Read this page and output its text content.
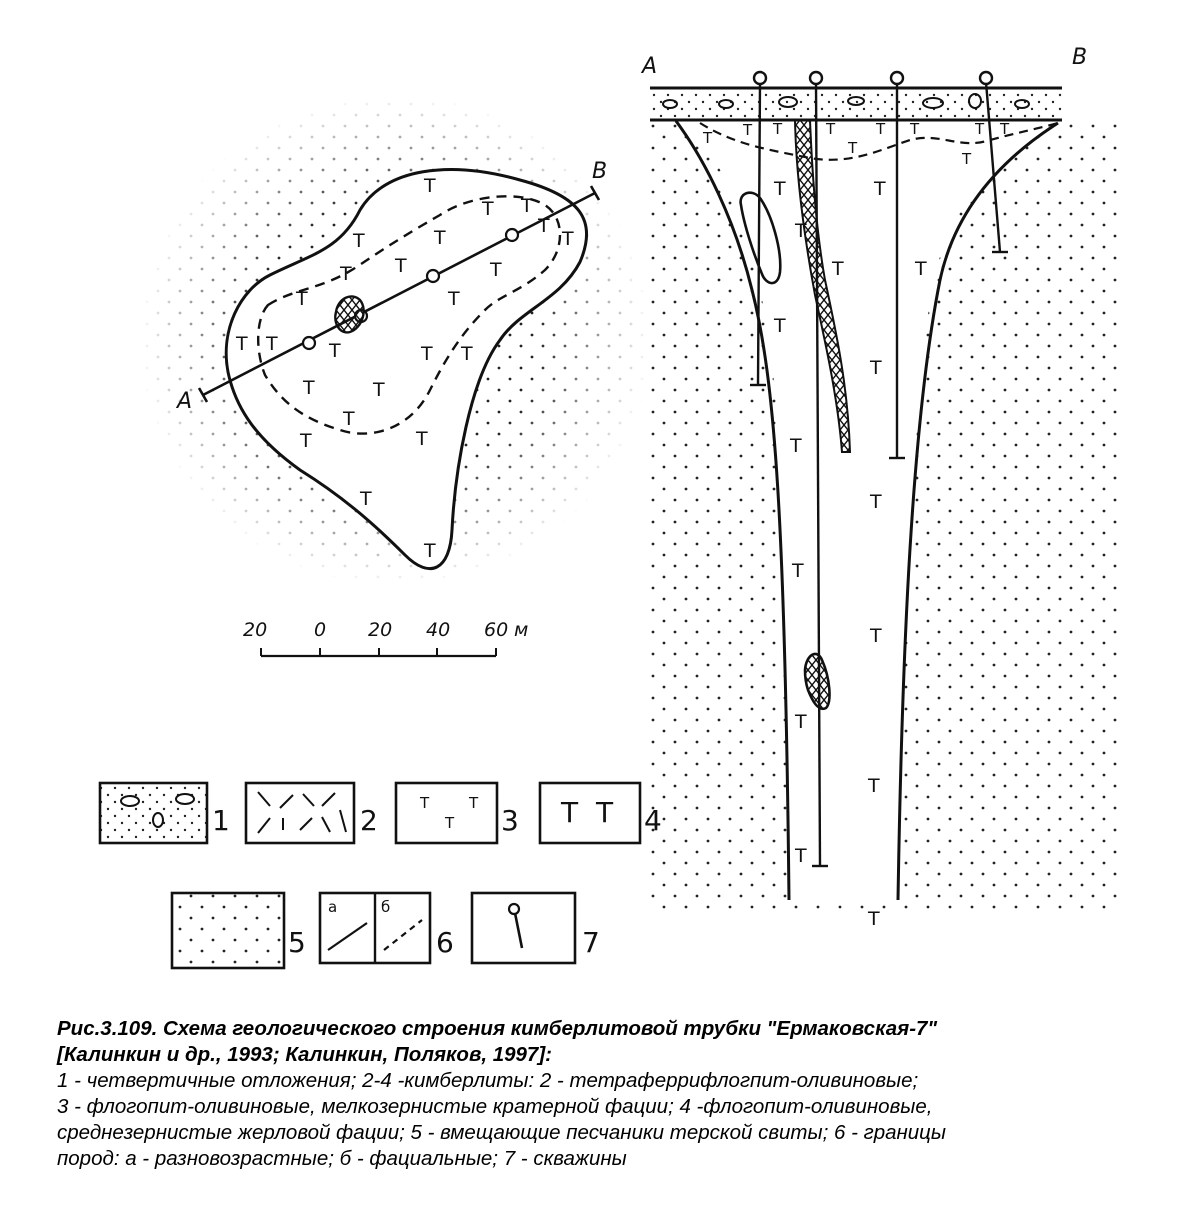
A
B
Т
Т Т
Т
Т
Т
Т
Т
Т	Т
Т	Т
Т Т	Т	Т Т
Т	Т
Т
Т	Т
Т
Т
20 0 20 40 60 м
A	B
Т Т Т	Т
Т
Т Т
Т
Т Т
Т	Т
Т
Т	Т
Т
Т
Т
Т
Т
Т
Т
Т
Т
Т
1	2
Т
Т
Т
3 Т Т 4
5
а	б
6	7
Рис.3.109. Схема геологического строения кимберлитовой трубки "Ермаковская-7"
[Калинкин и др., 1993; Калинкин, Поляков, 1997]:
1 - четвертичные отложения; 2-4 -кимберлиты: 2 - тетраферрифлогпит-оливиновые;
3 - флогопит-оливиновые, мелкозернистые кратерной фации; 4 -флогопит-оливиновые,
среднезернистые жерловой фации; 5 - вмещающие песчаники терской свиты; 6 - границы
пород: а - разновозрастные; б - фациальные; 7 - скважины
